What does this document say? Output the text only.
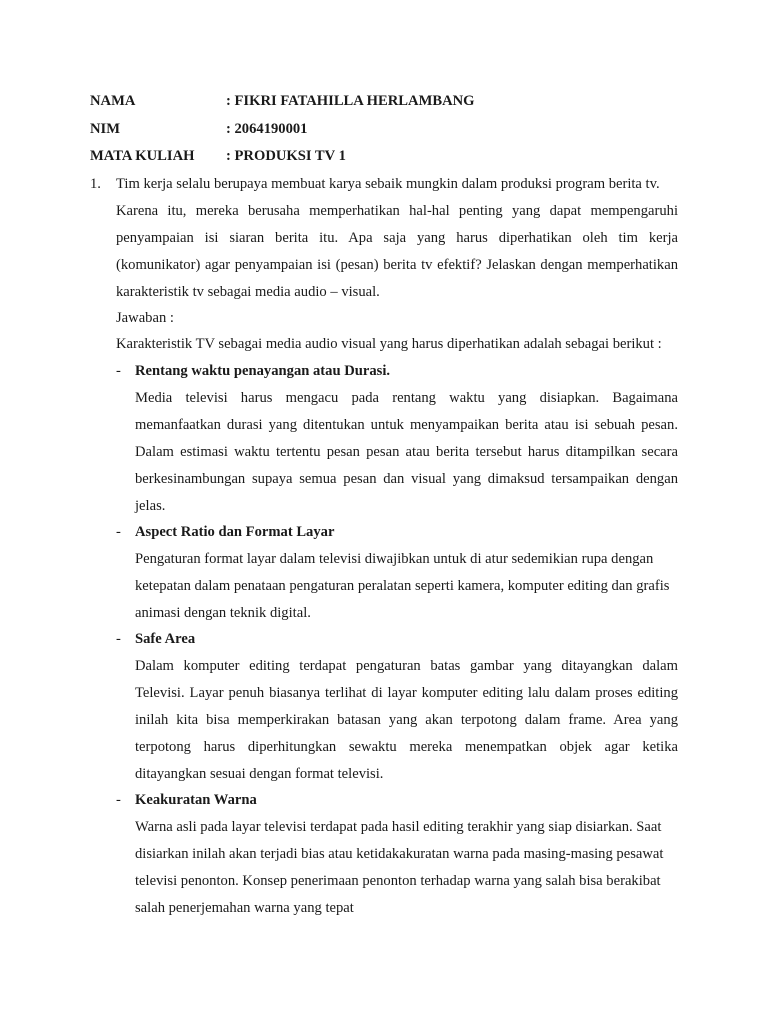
NAMA	: FIKRI FATAHILLA HERLAMBANG
NIM	: 2064190001
MATA KULIAH : PRODUKSI TV 1
1. Tim kerja selalu berupaya membuat karya sebaik mungkin dalam produksi program berita tv.
Karena itu, mereka berusaha memperhatikan hal-hal penting yang dapat mempengaruhi
penyampaian isi siaran berita itu. Apa saja yang harus diperhatikan oleh tim kerja
(komunikator) agar penyampaian isi (pesan) berita tv efektif? Jelaskan dengan memperhatikan
karakteristik tv sebagai media audio – visual.
Jawaban :
Karakteristik TV sebagai media audio visual yang harus diperhatikan adalah sebagai berikut :
- Rentang waktu penayangan atau Durasi.
Media televisi harus mengacu pada rentang waktu yang disiapkan. Bagaimana
memanfaatkan durasi yang ditentukan untuk menyampaikan berita atau isi sebuah pesan.
Dalam estimasi waktu tertentu pesan pesan atau berita tersebut harus ditampilkan secara
berkesinambungan supaya semua pesan dan visual yang dimaksud tersampaikan dengan
jelas.
- Aspect Ratio dan Format Layar
Pengaturan format layar dalam televisi diwajibkan untuk di atur sedemikian rupa dengan
ketepatan dalam penataan pengaturan peralatan seperti kamera, komputer editing dan grafis
animasi dengan teknik digital.
- Safe Area
Dalam komputer editing terdapat pengaturan batas gambar yang ditayangkan dalam
Televisi. Layar penuh biasanya terlihat di layar komputer editing lalu dalam proses editing
inilah kita bisa memperkirakan batasan yang akan terpotong dalam frame. Area yang
terpotong harus diperhitungkan sewaktu mereka menempatkan objek agar ketika
ditayangkan sesuai dengan format televisi.
- Keakuratan Warna
Warna asli pada layar televisi terdapat pada hasil editing terakhir yang siap disiarkan. Saat
disiarkan inilah akan terjadi bias atau ketidakakuratan warna pada masing-masing pesawat
televisi penonton. Konsep penerimaan penonton terhadap warna yang salah bisa berakibat
salah penerjemahan warna yang tepat
